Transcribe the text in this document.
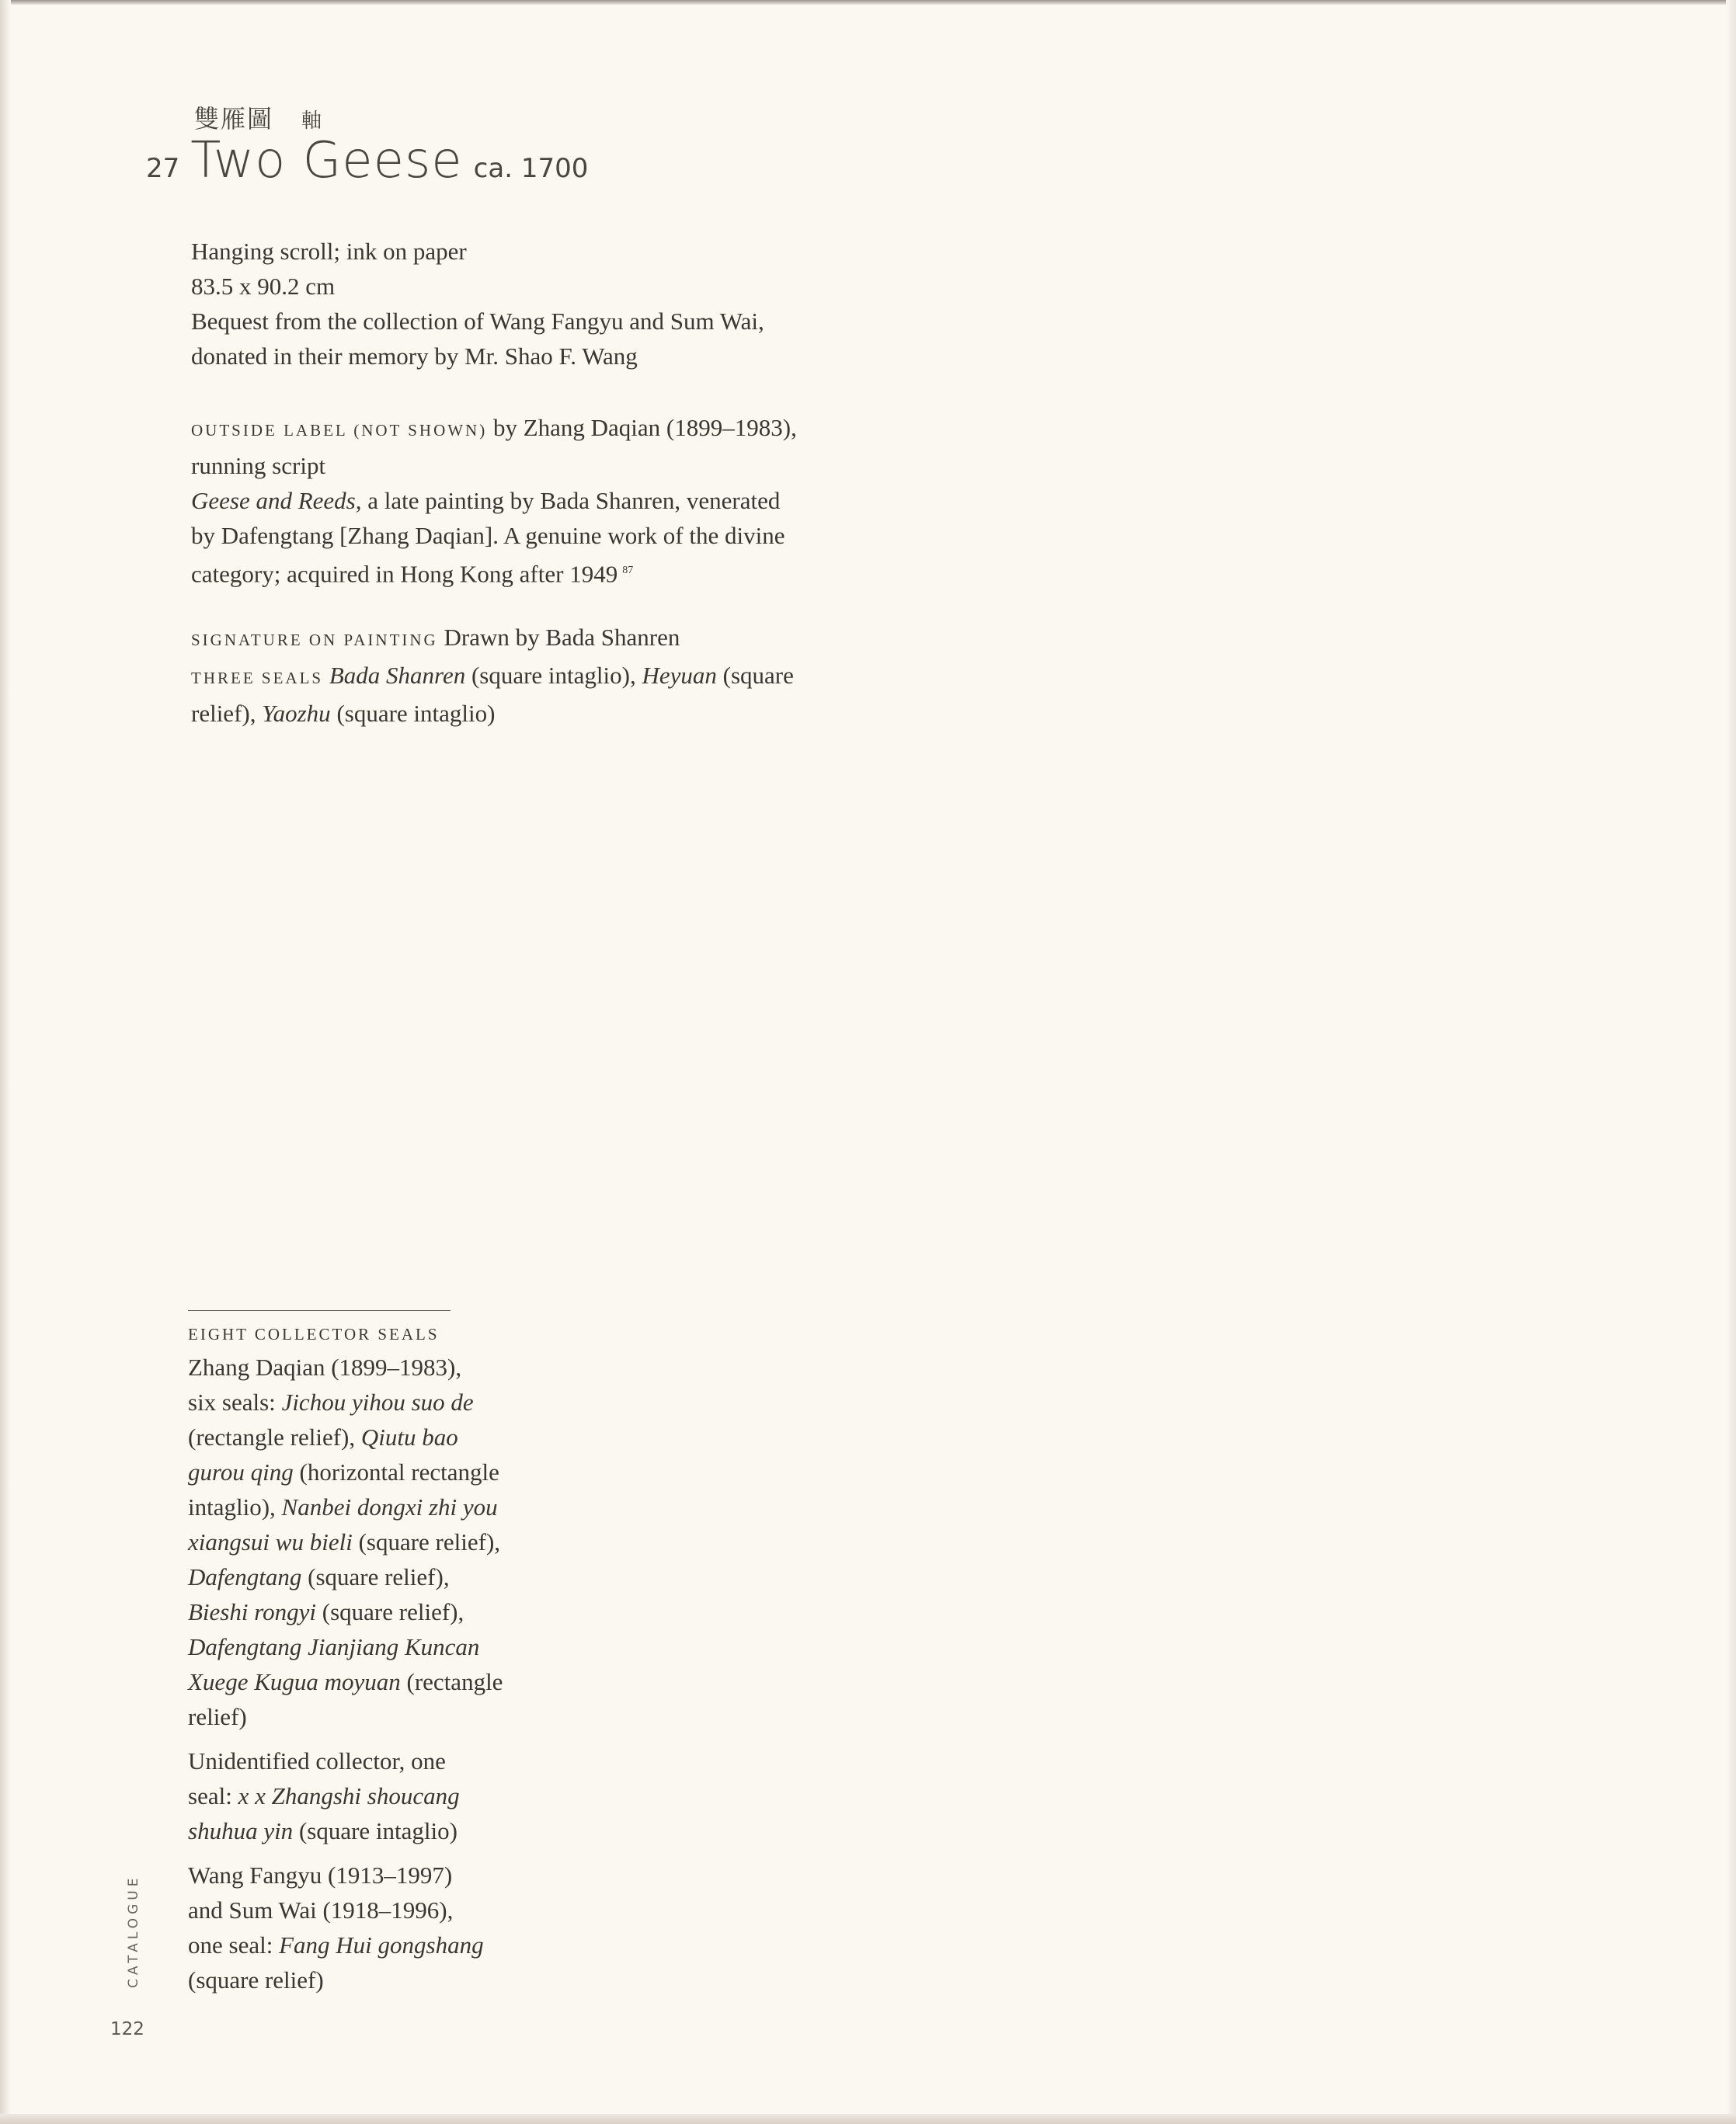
雙雁圖 軸
27 Two Geese ca. 1700
Hanging scroll; ink on paper
83.5 x 90.2 cm
Bequest from the collection of Wang Fangyu and Sum Wai,
donated in their memory by Mr. Shao F. Wang
OUTSIDE LABEL (NOT SHOWN) by Zhang Daqian (1899–1983),
running script
Geese and Reeds, a late painting by Bada Shanren, venerated
by Dafengtang [Zhang Daqian]. A genuine work of the divine
category; acquired in Hong Kong after 1949 $^{87}$
SIGNATURE ON PAINTING Drawn by Bada Shanren
THREE SEALS Bada Shanren (square intaglio), Heyuan (square
relief), Yaozhu (square intaglio)
EIGHT COLLECTOR SEALS
Zhang Daqian (1899–1983),
six seals: Jichou yihou suo de
(rectangle relief), Qiutu bao
gurou qing (horizontal rectangle
intaglio), Nanbei dongxi zhi you
xiangsui wu bieli (square relief),
Dafengtang (square relief),
Bieshi rongyi (square relief),
Dafengtang Jianjiang Kuncan
Xuege Kugua moyuan (rectangle
relief)
Unidentified collector, one
seal: x x Zhangshi shoucang
shuhua yin (square intaglio)
Wang Fangyu (1913–1997)
and Sum Wai (1918–1996),
one seal: Fang Hui gongshang
(square relief)
CATALOGUE
122
